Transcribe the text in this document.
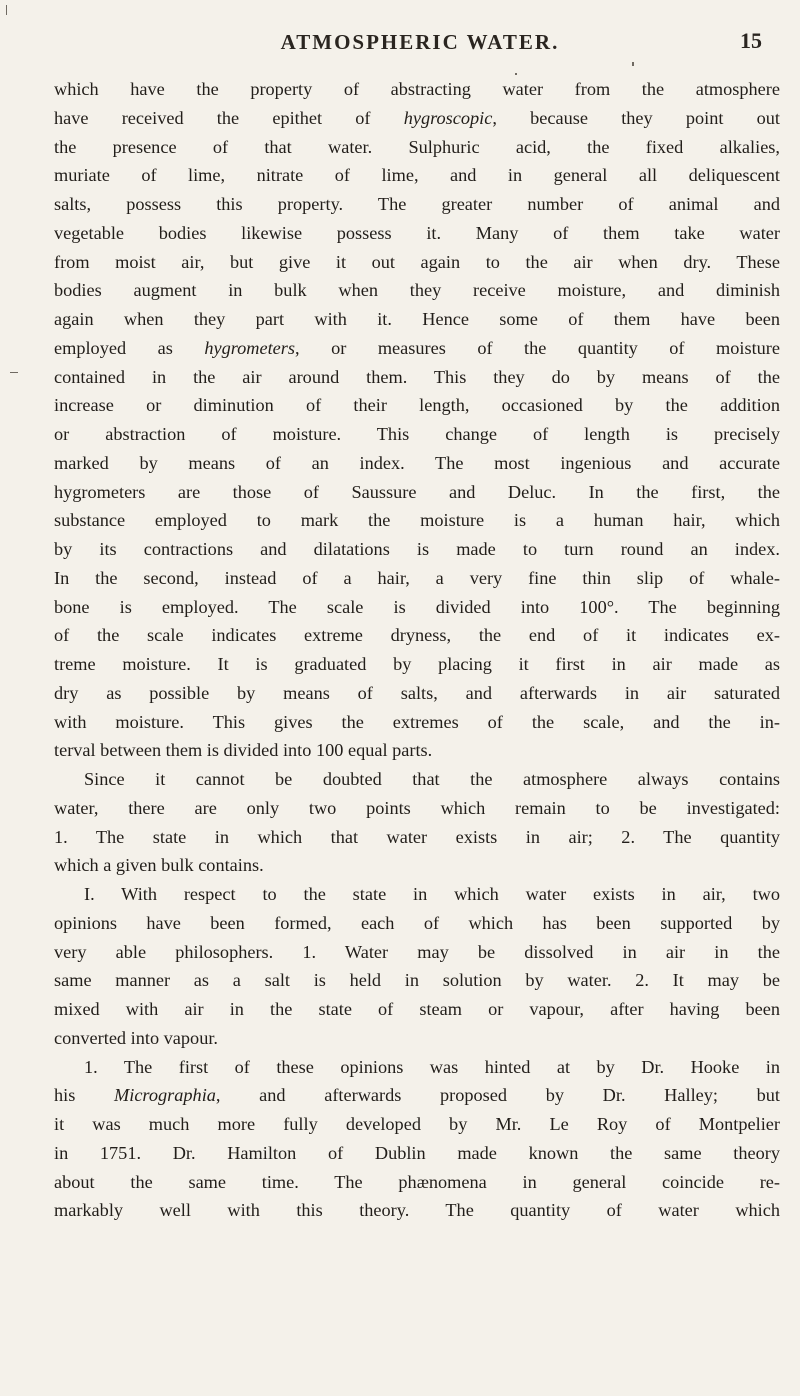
ATMOSPHERIC WATER.	15
which have the property of abstracting water from the atmosphere
have received the epithet of hygroscopic, because they point out
the presence of that water. Sulphuric acid, the fixed alkalies,
muriate of lime, nitrate of lime, and in general all deliquescent
salts, possess this property. The greater number of animal and
vegetable bodies likewise possess it. Many of them take water
from moist air, but give it out again to the air when dry. These
bodies augment in bulk when they receive moisture, and diminish
again when they part with it. Hence some of them have been
employed as hygrometers, or measures of the quantity of moisture
contained in the air around them. This they do by means of the
increase or diminution of their length, occasioned by the addition
or abstraction of moisture. This change of length is precisely
marked by means of an index. The most ingenious and accurate
hygrometers are those of Saussure and Deluc. In the first, the
substance employed to mark the moisture is a human hair, which
by its contractions and dilatations is made to turn round an index.
In the second, instead of a hair, a very fine thin slip of whale-
bone is employed. The scale is divided into 100°. The beginning
of the scale indicates extreme dryness, the end of it indicates ex-
treme moisture. It is graduated by placing it first in air made as
dry as possible by means of salts, and afterwards in air saturated
with moisture. This gives the extremes of the scale, and the in-
terval between them is divided into 100 equal parts.
Since it cannot be doubted that the atmosphere always contains
water, there are only two points which remain to be investigated:
1. The state in which that water exists in air; 2. The quantity
which a given bulk contains.
I. With respect to the state in which water exists in air, two
opinions have been formed, each of which has been supported by
very able philosophers. 1. Water may be dissolved in air in the
same manner as a salt is held in solution by water. 2. It may be
mixed with air in the state of steam or vapour, after having been
converted into vapour.
1. The first of these opinions was hinted at by Dr. Hooke in
his Micrographia, and afterwards proposed by Dr. Halley; but
it was much more fully developed by Mr. Le Roy of Montpelier
in 1751. Dr. Hamilton of Dublin made known the same theory
about the same time. The phænomena in general coincide re-
markably well with this theory. The quantity of water which
